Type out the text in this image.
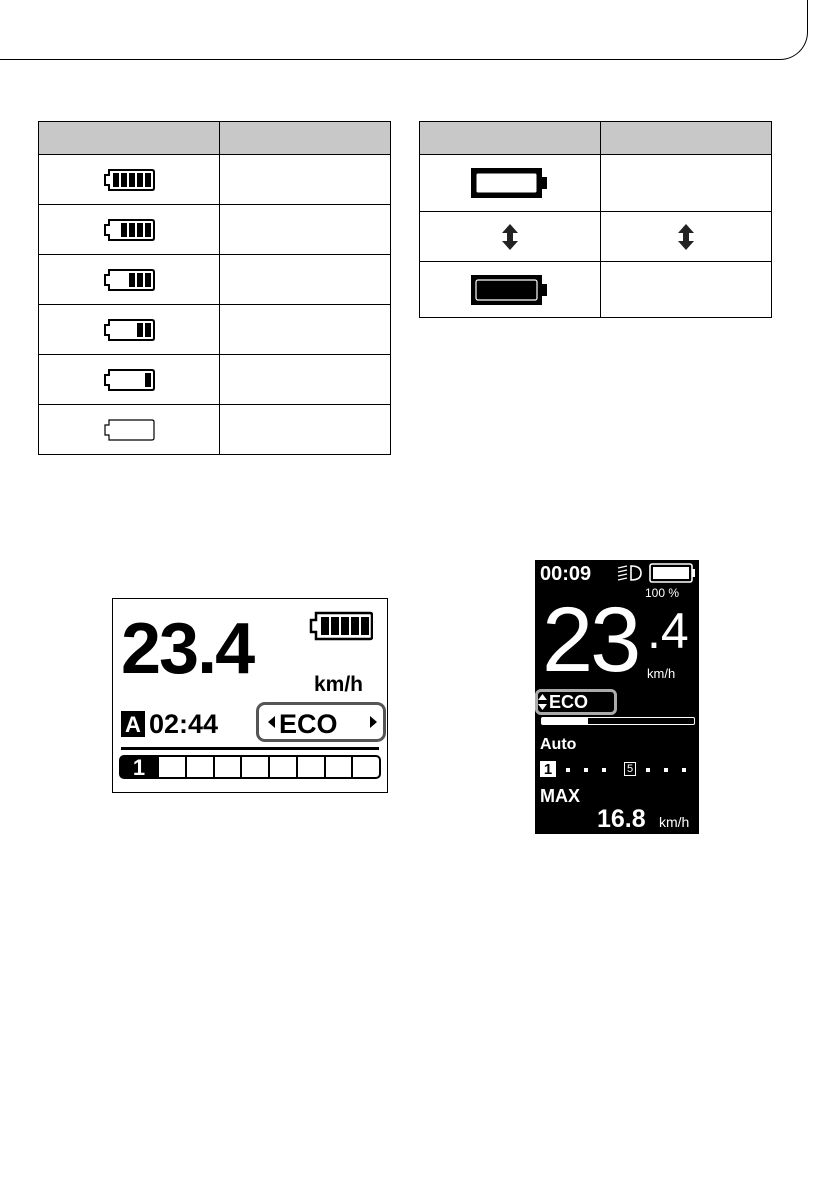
23.4	km/h
A 02:44 ECO
1
00:09
100 %
23 .4
km/h
ECO
Auto
1	5
MAX
16.8 km/h
